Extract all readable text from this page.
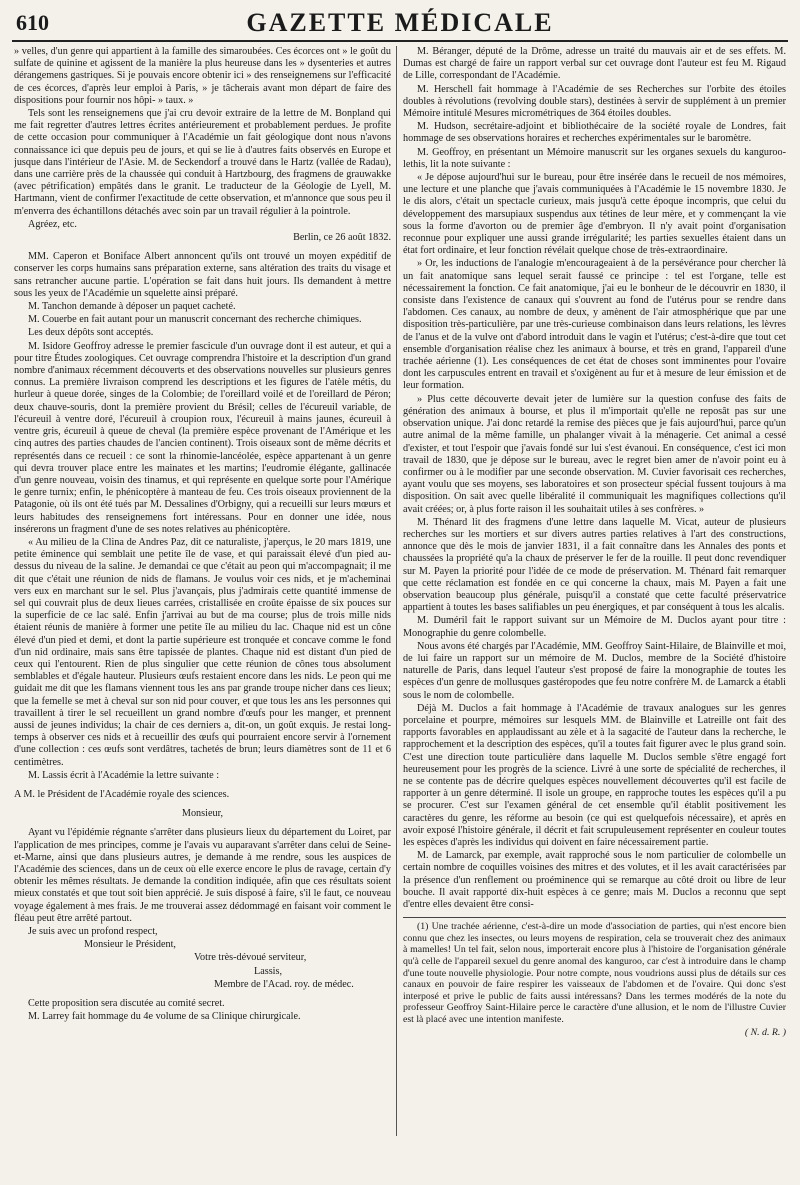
610	GAZETTE MÉDICALE

» velles, d'un genre qui appartient à la famille des simaroubées. Ces écorces ont » le goût du sulfate de quinine et agissent de la manière la plus heureuse dans les » dysenteries et autres dérangemens gastriques. Si je pouvais encore obtenir ici » des renseignemens sur l'efficacité de ces écorces, d'après leur emploi à Paris, » je tâcherais avant mon départ de faire des dispositions pour fournir nos hôpi- » taux. »

Tels sont les renseignemens que j'ai cru devoir extraire de la lettre de M. Bonpland qui me fait regretter d'autres lettres écrites antérieurement et probablement perdues. Je profite de cette occasion pour communiquer à l'Académie un fait géologique dont nous n'avons connaissance ici que depuis peu de jours, et qui se lie à d'autres faits observés en Europe et jusque dans l'intérieur de l'Asie. M. de Seckendorf a trouvé dans le Hartz (vallée de Radau), dans une carrière près de la chaussée qui conduit à Hartzbourg, des fragmens de grauwakke (avec pétrification) empâtés dans le granit. Le traducteur de la Géologie de Lyell, M. Hartmann, vient de confirmer l'exactitude de cette observation, et m'annonce que sous peu il m'enverra des échantillons détachés avec soin par un travail régulier à la pointrole.

Agréez, etc.

Berlin, ce 26 août 1832.

MM. Caperon et Boniface Albert annoncent qu'ils ont trouvé un moyen expéditif de conserver les corps humains sans préparation externe, sans altération des traits du visage et sans retrancher aucune partie. L'opération se fait dans huit jours. Ils demandent à mettre sous les yeux de l'Académie un squelette ainsi préparé.

M. Tanchon demande à déposer un paquet cacheté.

M. Couerbe en fait autant pour un manuscrit concernant des recherche chimiques.

Les deux dépôts sont acceptés.

M. Isidore Geoffroy adresse le premier fascicule d'un ouvrage dont il est auteur, et qui a pour titre Études zoologiques. Cet ouvrage comprendra l'histoire et la description d'un grand nombre d'animaux récemment découverts et des observations nouvelles sur plusieurs genres connus. La première livraison comprend les descriptions et les figures de l'atèle métis, du hurleur à queue dorée, singes de la Colombie; de l'oreillard voilé et de l'oreillard de Péron; deux chauve-souris, dont la première provient du Brésil; celles de l'écureuil variable, de l'écureuil à ventre doré, l'écureuil à croupion roux, l'écureuil à mains jaunes, écureuil à ventre gris, écureuil à queue de cheval (la première espèce provenant de l'Amérique et les cinq autres des parties chaudes de l'ancien continent). Trois oiseaux sont de même décrits et représentés dans ce recueil : ce sont la rhinomie-lancéolée, espèce appartenant à un genre qui devra trouver place entre les mainates et les martins; l'eudromie élégante, gallinacée d'un genre nouveau, voisin des tinamus, et qui représente en quelque sorte pour l'Amérique le genre turnix; enfin, le phénicoptère à manteau de feu. Ces trois oiseaux proviennent de la Patagonie, où ils ont été tués par M. Dessalines d'Orbigny, qui a recueilli sur leurs mœurs et leurs habitudes des renseignemens fort intéressans. Pour en donner une idée, nous insérerons un fragment d'une de ses notes relatives au phénicoptère.

« Au milieu de la Clina de Andres Paz, dit ce naturaliste, j'aperçus, le 20 mars 1819, une petite éminence qui semblait une petite île de vase, et qui paraissait élevé d'un pied au-dessus du niveau de la saline. Je demandai ce que c'était au peon qui m'accompagnait; il me dit que c'était une réunion de nids de flamans. Je voulus voir ces nids, et je m'acheminai vers eux en marchant sur le sel. Plus j'avançais, plus j'admirais cette quantité immense de sel qui couvrait plus de deux lieues carrées, cristallisée en croûte épaisse de six pouces sur la superficie de ce lac salé. Enfin j'arrivai au but de ma course; plus de trois mille nids étaient réunis de manière à former une petite île au milieu du lac. Chaque nid est un cône élevé d'un pied et demi, et dont la partie supérieure est tronquée et concave comme le fond d'un nid ordinaire, mais sans être tapissée de plantes. Chaque nid est distant d'un pied de ceux qui l'entourent. Rien de plus singulier que cette réunion de cônes tous absolument semblables et d'égale hauteur. Plusieurs œufs restaient encore dans les nids. Le peon qui me guidait me dit que les flamans viennent tous les ans par grande troupe nicher dans ces lieux; que la femelle se met à cheval sur son nid pour couver, et que tous les ans les personnes qui travaillent à tirer le sel recueillent un grand nombre d'œufs pour les manger, et prennent aussi de jeunes individus; la chair de ces derniers a, dit-on, un goût exquis. Je restai long-temps à observer ces nids et à recueillir des œufs qui pourraient encore servir à l'ornement d'une collection : ces œufs sont verdâtres, tachetés de brun; leurs diamètres sont de 11 et 6 centimètres.

M. Lassis écrit à l'Académie la lettre suivante :

A M. le Président de l'Académie royale des sciences.

Monsieur,

Ayant vu l'épidémie régnante s'arrêter dans plusieurs lieux du département du Loiret, par l'application de mes principes, comme je l'avais vu auparavant s'arrêter dans celui de Seine-et-Marne, ainsi que dans plusieurs autres, je demande à me rendre, sous les auspices de l'Académie des sciences, dans un de ceux où elle exerce encore le plus de ravage, certain d'y obtenir les mêmes résultats. Je demande la condition indiquée, afin que ces résultats soient mieux constatés et que tout soit bien apprécié. Je suis disposé à faire, s'il le faut, ce nouveau voyage également à mes frais. Je me trouverai assez dédommagé en faisant voir comment le fléau peut être arrêté partout.

Je suis avec un profond respect,

Monsieur le Président,

Votre très-dévoué serviteur,

Lassis,

Membre de l'Acad. roy. de médec.

Cette proposition sera discutée au comité secret.

M. Larrey fait hommage du 4e volume de sa Clinique chirurgicale.

M. Béranger, député de la Drôme, adresse un traité du mauvais air et de ses effets. M. Dumas est chargé de faire un rapport verbal sur cet ouvrage dont l'auteur est feu M. Rigaud de Lille, correspondant de l'Académie.

M. Herschell fait hommage à l'Académie de ses Recherches sur l'orbite des étoiles doubles à révolutions (revolving double stars), destinées à servir de supplément à un premier Mémoire intitulé Mesures micrométriques de 364 étoiles doubles.

M. Hudson, secrétaire-adjoint et bibliothécaire de la société royale de Londres, fait hommage de ses observations horaires et recherches expérimentales sur le baromètre.

M. Geoffroy, en présentant un Mémoire manuscrit sur les organes sexuels du kanguroo-lethis, lit la note suivante :

« Je dépose aujourd'hui sur le bureau, pour être insérée dans le recueil de nos mémoires, une lecture et une planche que j'avais communiquées à l'Académie le 15 novembre 1830. Je le dis alors, c'était un spectacle curieux, mais jusqu'à cette époque incompris, que celui du développement des marsupiaux suspendus aux tétines de leur mère, et y commençant la vie sous la forme d'avorton ou de premier âge d'embryon. Il n'y avait point d'organisation reconnue pour expliquer une aussi grande irrégularité; les parties sexuelles étaient dans un état fort ordinaire, et leur fonction révélait quelque chose de très-extraordinaire.

» Or, les inductions de l'analogie m'encourageaient à de la persévérance pour chercher là un fait anatomique sans lequel serait faussé ce principe : tel est l'organe, telle est nécessairement la fonction. Ce fait anatomique, j'ai eu le bonheur de le découvrir en 1830, il consiste dans l'existence de canaux qui s'ouvrent au fond de l'utérus pour se rendre dans l'abdomen. Ces canaux, au nombre de deux, y amènent de l'air atmosphérique que par une disposition très-particulière, par une très-curieuse combinaison dans leurs relations, les lèvres de l'anus et de la vulve ont d'abord introduit dans le vagin et l'utérus; c'est-à-dire que tout cet ensemble d'organisation réalise chez les animaux à bourse, et très en grand, l'appareil d'une trachée aérienne (1). Les conséquences de cet état de choses sont imminentes pour l'ovaire dont les carpuscules entrent en travail et s'oxigènent au fur et à mesure de leur émission et de leur formation.

» Plus cette découverte devait jeter de lumière sur la question confuse des faits de génération des animaux à bourse, et plus il m'importait qu'elle ne reposât pas sur une observation unique. J'ai donc retardé la remise des pièces que je fais aujourd'hui, parce qu'un autre animal de la même famille, un phalanger vivait à la ménagerie. Cet animal a cessé d'exister, et tout l'espoir que j'avais fondé sur lui s'est évanoui. En conséquence, c'est ici mon travail de 1830, que je dépose sur le bureau, avec le regret bien amer de n'avoir point eu à confirmer ou à le modifier par une seconde observation. M. Cuvier favorisait ces recherches, ayant voulu que ses moyens, ses laboratoires et son prosecteur spécial fussent toujours à ma disposition. On sait avec quelle libéralité il communiquait les magnifiques collections qu'il avait créées; or, à plus forte raison il les souhaitait utiles à ses confrères. »

M. Thénard lit des fragmens d'une lettre dans laquelle M. Vicat, auteur de plusieurs recherches sur les mortiers et sur divers autres parties relatives à l'art des constructions, annonce que dès le mois de janvier 1831, il a fait connaître dans les Annales des ponts et chaussées la propriété qu'a la chaux de préserver le fer de la rouille. Il peut donc revendiquer sur M. Payen la priorité pour l'idée de ce mode de préservation. M. Thénard fait remarquer que cette réclamation est fondée en ce qui concerne la chaux, mais M. Payen a fait une observation beaucoup plus générale, puisqu'il a constaté que cette faculté préservatrice appartient à toutes les bases salifiables un peu énergiques, et par conséquent à tous les alcalis.

M. Duméril fait le rapport suivant sur un Mémoire de M. Duclos ayant pour titre : Monographie du genre colombelle.

Nous avons été chargés par l'Académie, MM. Geoffroy Saint-Hilaire, de Blainville et moi, de lui faire un rapport sur un mémoire de M. Duclos, membre de la Société d'histoire naturelle de Paris, dans lequel l'auteur s'est proposé de faire la monographie de toutes les espèces d'un genre de mollusques gastéropodes que feu notre confrère M. de Lamarck a établi sous le nom de colombelle.

Déjà M. Duclos a fait hommage à l'Académie de travaux analogues sur les genres porcelaine et pourpre, mémoires sur lesquels MM. de Blainville et Latreille ont fait des rapports favorables en applaudissant au zèle et à la sagacité de l'auteur dans la recherche, le rapprochement et la description des espèces, qu'il a toutes fait figurer avec le plus grand soin. C'est une direction toute particulière dans laquelle M. Duclos semble s'être engagé fort heureusement pour les progrès de la science. Livré à une sorte de spécialité de recherches, il ne se contente pas de décrire quelques espèces nouvellement découvertes qu'il est facile de rapporter à un genre déterminé. Il isole un groupe, en rapproche toutes les espèces qu'il a pu se procurer. C'est sur l'examen général de cet ensemble qu'il établit positivement les caractères du genre, les réforme au besoin (ce qui est quelquefois nécessaire), et après en avoir exposé l'histoire générale, il décrit et fait scrupuleusement représenter en couleur toutes les espèces d'après les individus qui doivent en faire nécessairement partie.

M. de Lamarck, par exemple, avait rapproché sous le nom particulier de colombelle un certain nombre de coquilles voisines des mitres et des volutes, et il les avait caractérisées par la présence d'un renflement ou proéminence qui se remarque au côté droit ou libre de leur bouche. Il avait rapporté dix-huit espèces à ce genre; mais M. Duclos a reconnu que sept d'entre elles devaient être consi-

(1) Une trachée aérienne, c'est-à-dire un mode d'association de parties, qui n'est encore bien connu que chez les insectes, ou leurs moyens de respiration, cela se trouverait chez des animaux à mamelles! Un tel fait, selon nous, importerait encore plus à l'histoire de l'organisation générale qu'à celle de l'appareil sexuel du genre anomal des kanguroo, car c'est à introduire dans le champ d'une toute nouvelle physiologie. Pour notre compte, nous voudrions aussi plus de détails sur ces canaux en pouvoir de faire respirer les vaisseaux de l'abdomen et de l'ovaire. Qui donc s'est interposé et prive le public de faits aussi intéressans? Dans les termes modérés de la note du professeur Geoffroy Saint-Hilaire perce le caractère d'une allusion, et le nom de l'illustre Cuvier est là placé avec une intention manifeste.

( N. d. R. )
